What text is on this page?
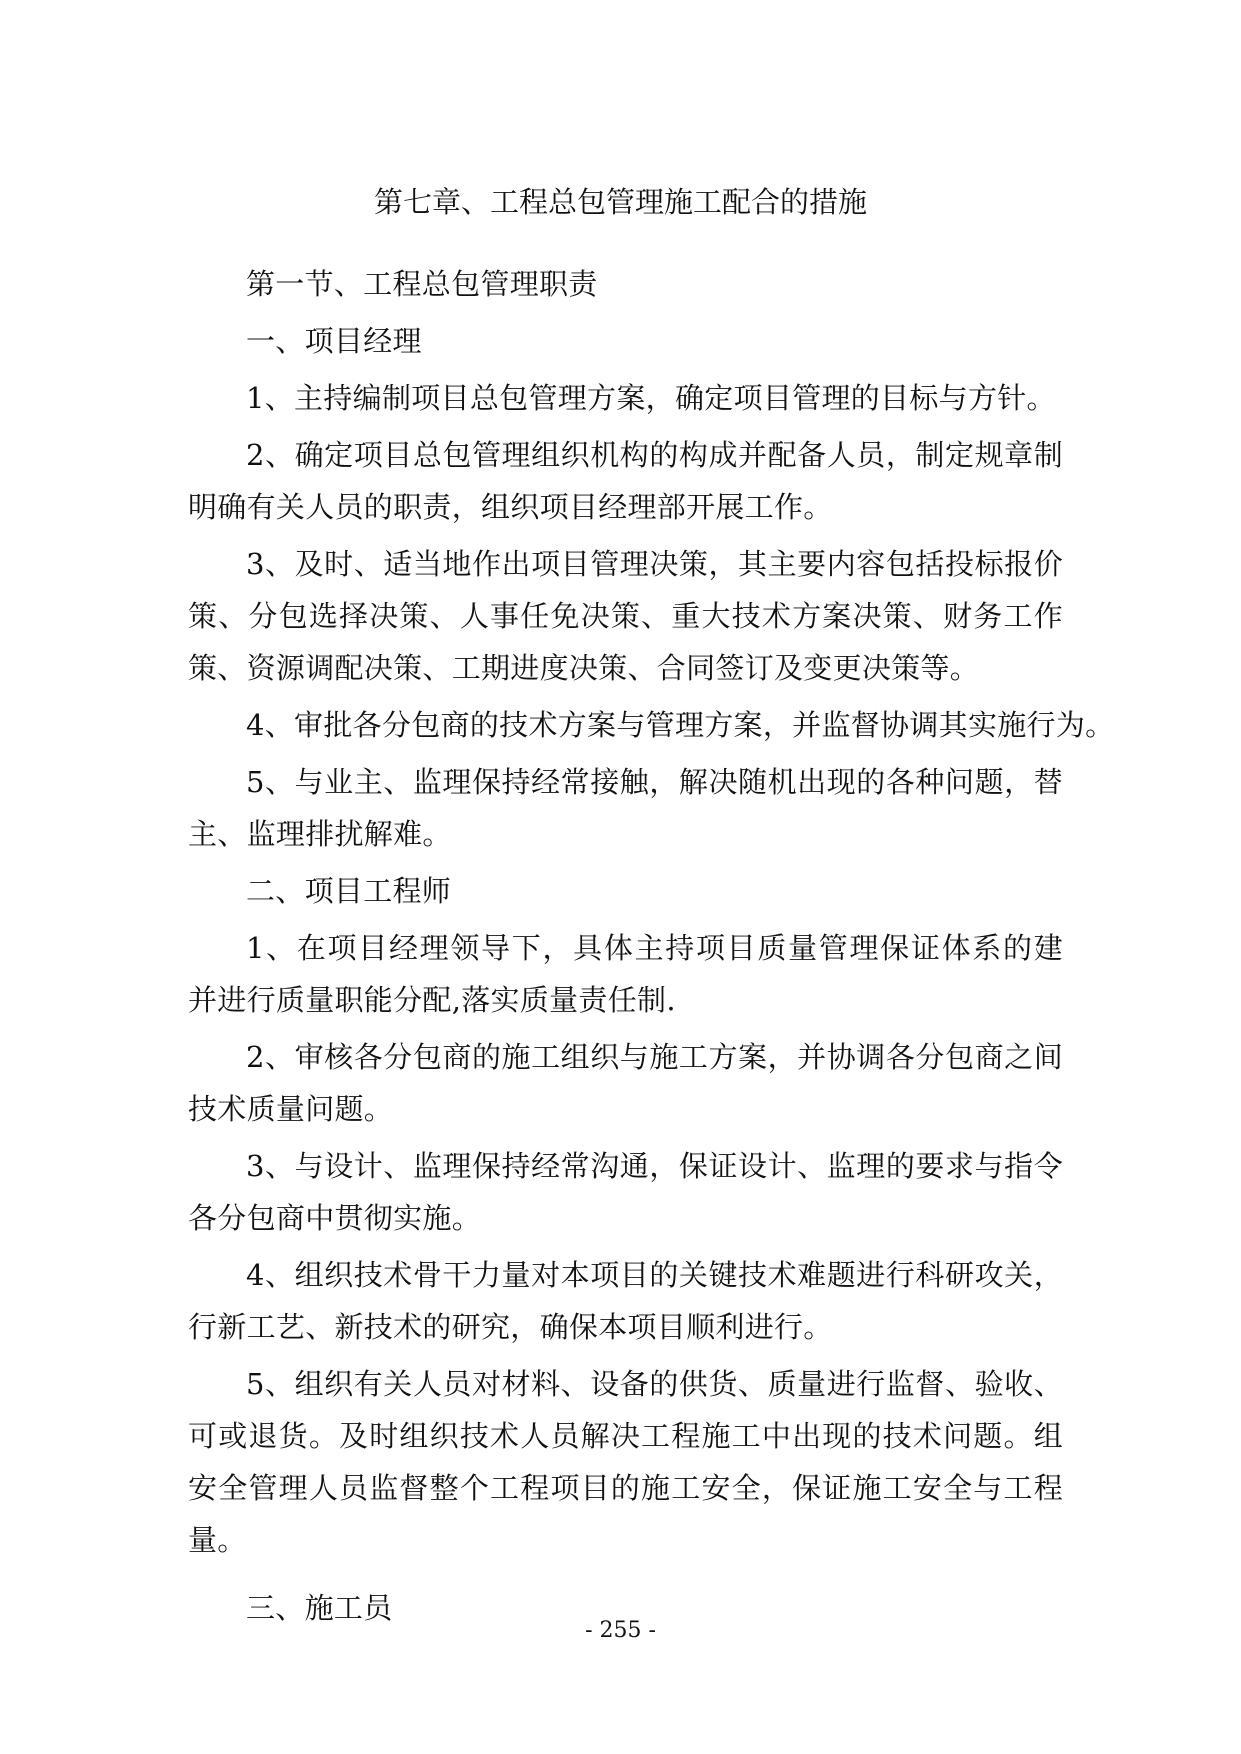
第七章、工程总包管理施工配合的措施
第一节、工程总包管理职责
一、项目经理
1、主持编制项目总包管理方案，确定项目管理的目标与方针。
2、确定项目总包管理组织机构的构成并配备人员，制定规章制
明确有关人员的职责，组织项目经理部开展工作。
3、及时、适当地作出项目管理决策，其主要内容包括投标报价
策、分包选择决策、人事任免决策、重大技术方案决策、财务工作
策、资源调配决策、工期进度决策、合同签订及变更决策等。
4、审批各分包商的技术方案与管理方案，并监督协调其实施行为。
5、与业主、监理保持经常接触，解决随机出现的各种问题，替
主、监理排扰解难。
二、项目工程师
1、在项目经理领导下，具体主持项目质量管理保证体系的建
并进行质量职能分配,落实质量责任制.
2、审核各分包商的施工组织与施工方案，并协调各分包商之间
技术质量问题。
3、与设计、监理保持经常沟通，保证设计、监理的要求与指令
各分包商中贯彻实施。
4、组织技术骨干力量对本项目的关键技术难题进行科研攻关，
行新工艺、新技术的研究，确保本项目顺利进行。
5、组织有关人员对材料、设备的供货、质量进行监督、验收、
可或退货。及时组织技术人员解决工程施工中出现的技术问题。组
安全管理人员监督整个工程项目的施工安全，保证施工安全与工程
量。
三、施工员
- 255 -
